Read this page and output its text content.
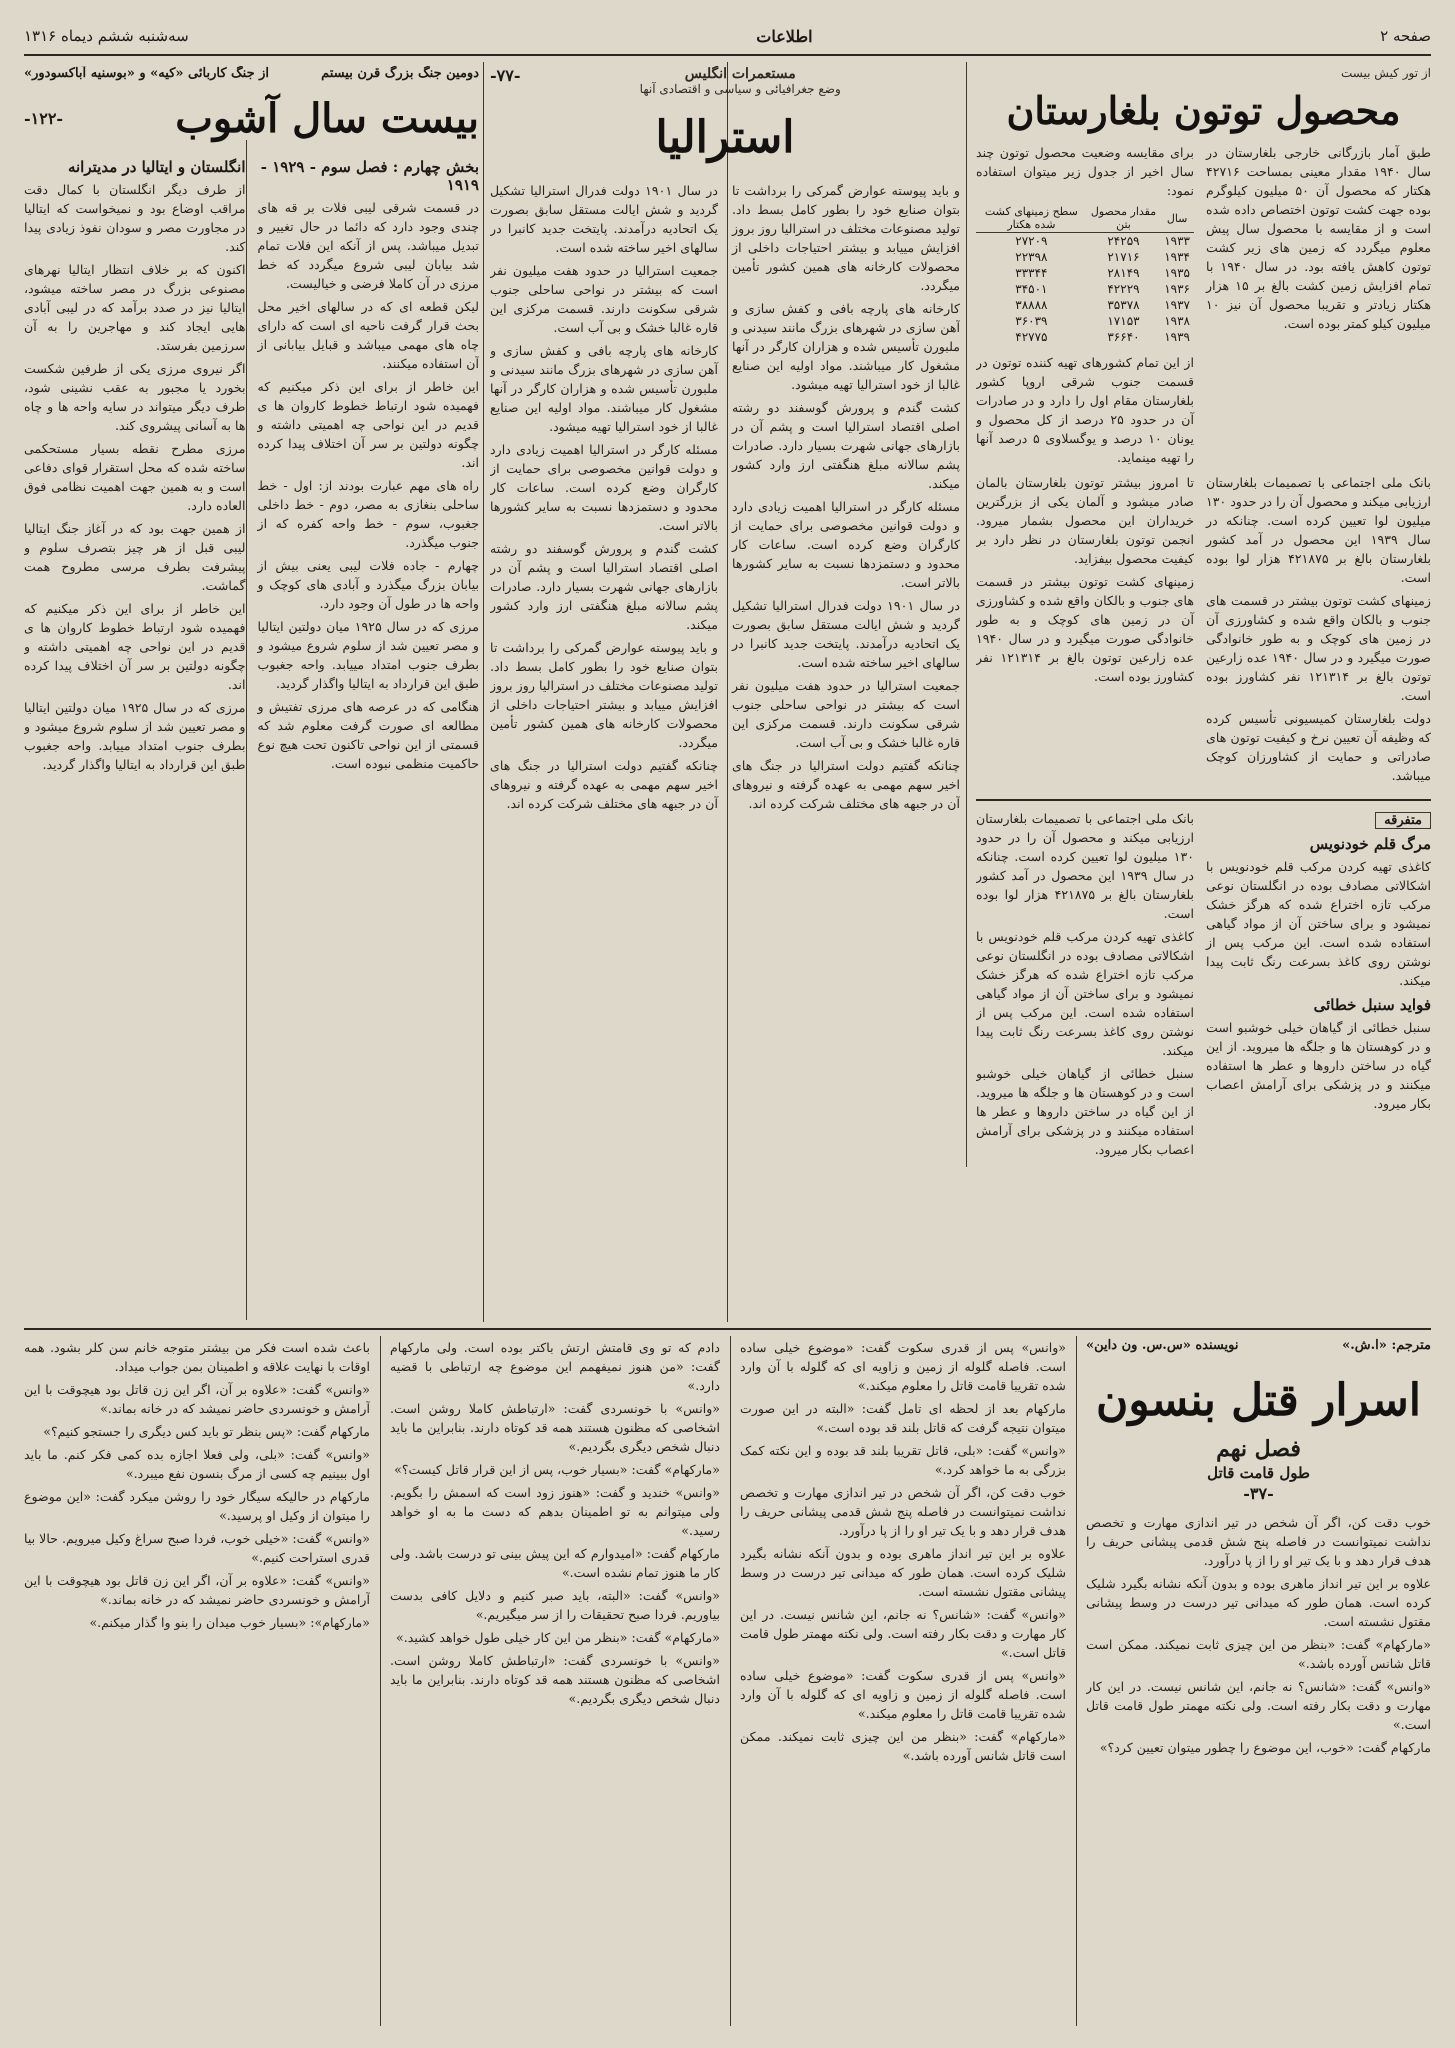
صفحه ۲
اطلاعات
سه‌شنبه ششم دیماه ۱۳۱۶
از تور کیش بیست
محصول توتون بلغارستان

طبق آمار بازرگانی خارجی بلغارستان در سال ۱۹۴۰ مقدار معینی بمساحت ۴۲۷۱۶ هکتار که محصول آن ۵۰ میلیون کیلوگرم بوده جهت کشت توتون اختصاص داده شده است و از مقایسه با محصول سال پیش معلوم میگردد که زمین های زیر کشت توتون کاهش یافته بود. در سال ۱۹۴۰ با تمام افزایش زمین کشت بالغ بر ۱۵ هزار هکتار زیادتر و تقریبا محصول آن نیز ۱۰ میلیون کیلو کمتر بوده است.

برای مقایسه وضعیت محصول توتون چند سال اخیر از جدول زیر میتوان استفاده نمود:

سال	مقدار محصول بتن	سطح زمینهای کشت شده هکتار
۱۹۳۳	۲۴۲۵۹	۲۷۲۰۹
۱۹۳۴	۲۱۷۱۶	۲۲۳۹۸
۱۹۳۵	۲۸۱۴۹	۳۳۳۴۴
۱۹۳۶	۴۲۲۲۹	۳۴۵۰۱
۱۹۳۷	۳۵۳۷۸	۳۸۸۸۸
۱۹۳۸	۱۷۱۵۳	۳۶۰۳۹
۱۹۳۹	۳۶۶۴۰	۴۲۷۷۵

از این تمام کشورهای تهیه کننده توتون در قسمت جنوب شرقی اروپا کشور بلغارستان مقام اول را دارد و در صادرات آن در حدود ۲۵ درصد از کل محصول و یونان ۱۰ درصد و یوگسلاوی ۵ درصد آنها را تهیه مینماید.

بانک ملی اجتماعی با تصمیمات بلغارستان ارزیابی میکند و محصول آن را در حدود ۱۳۰ میلیون لوا تعیین کرده است. چنانکه در سال ۱۹۳۹ این محصول در آمد کشور بلغارستان بالغ بر ۴۲۱۸۷۵ هزار لوا بوده است.

زمینهای کشت توتون بیشتر در قسمت های جنوب و بالکان واقع شده و کشاورزی آن در زمین های کوچک و به طور خانوادگی صورت میگیرد و در سال ۱۹۴۰ عده زارعین توتون بالغ بر ۱۲۱۳۱۴ نفر کشاورز بوده است.

دولت بلغارستان کمیسیونی تأسیس کرده که وظیفه آن تعیین نرخ و کیفیت توتون های صادراتی و حمایت از کشاورزان کوچک میباشد.

تا امروز بیشتر توتون بلغارستان بالمان صادر میشود و آلمان یکی از بزرگترین خریداران این محصول بشمار میرود. انجمن توتون بلغارستان در نظر دارد بر کیفیت محصول بیفزاید.

زمینهای کشت توتون بیشتر در قسمت های جنوب و بالکان واقع شده و کشاورزی آن در زمین های کوچک و به طور خانوادگی صورت میگیرد و در سال ۱۹۴۰ عده زارعین توتون بالغ بر ۱۲۱۳۱۴ نفر کشاورز بوده است.

متفرقه
مرگ قلم خودنویس

کاغذی تهیه کردن مرکب قلم خودنویس با اشکالاتی مصادف بوده در انگلستان نوعی مرکب تازه اختراع شده که هرگز خشک نمیشود و برای ساختن آن از مواد گیاهی استفاده شده است. این مرکب پس از نوشتن روی کاغذ بسرعت رنگ ثابت پیدا میکند.

فواید سنبل خطائی

سنبل خطائی از گیاهان خیلی خوشبو است و در کوهستان ها و جلگه ها میروید. از این گیاه در ساختن داروها و عطر ها استفاده میکنند و در پزشکی برای آرامش اعصاب بکار میرود.

بانک ملی اجتماعی با تصمیمات بلغارستان ارزیابی میکند و محصول آن را در حدود ۱۳۰ میلیون لوا تعیین کرده است. چنانکه در سال ۱۹۳۹ این محصول در آمد کشور بلغارستان بالغ بر ۴۲۱۸۷۵ هزار لوا بوده است.

کاغذی تهیه کردن مرکب قلم خودنویس با اشکالاتی مصادف بوده در انگلستان نوعی مرکب تازه اختراع شده که هرگز خشک نمیشود و برای ساختن آن از مواد گیاهی استفاده شده است. این مرکب پس از نوشتن روی کاغذ بسرعت رنگ ثابت پیدا میکند.

سنبل خطائی از گیاهان خیلی خوشبو است و در کوهستان ها و جلگه ها میروید. از این گیاه در ساختن داروها و عطر ها استفاده میکنند و در پزشکی برای آرامش اعصاب بکار میرود.

مستعمرات انگلیس
وضع جغرافیائی و سیاسی و اقتصادی آنها
-۷۷-
استرالیا

و باید پیوسته عوارض گمرکی را برداشت تا بتوان صنایع خود را بطور کامل بسط داد. تولید مصنوعات مختلف در استرالیا روز بروز افزایش مییابد و بیشتر احتیاجات داخلی از محصولات کارخانه های همین کشور تأمین میگردد.

کارخانه های پارچه بافی و کفش سازی و آهن سازی در شهرهای بزرگ مانند سیدنی و ملبورن تأسیس شده و هزاران کارگر در آنها مشغول کار میباشند. مواد اولیه این صنایع غالبا از خود استرالیا تهیه میشود.

کشت گندم و پرورش گوسفند دو رشته اصلی اقتصاد استرالیا است و پشم آن در بازارهای جهانی شهرت بسیار دارد. صادرات پشم سالانه مبلغ هنگفتی ارز وارد کشور میکند.

مسئله کارگر در استرالیا اهمیت زیادی دارد و دولت قوانین مخصوصی برای حمایت از کارگران وضع کرده است. ساعات کار محدود و دستمزدها نسبت به سایر کشورها بالاتر است.

در سال ۱۹۰۱ دولت فدرال استرالیا تشکیل گردید و شش ایالت مستقل سابق بصورت یک اتحادیه درآمدند. پایتخت جدید کانبرا در سالهای اخیر ساخته شده است.

جمعیت استرالیا در حدود هفت میلیون نفر است که بیشتر در نواحی ساحلی جنوب شرقی سکونت دارند. قسمت مرکزی این قاره غالبا خشک و بی آب است.

چنانکه گفتیم دولت استرالیا در جنگ های اخیر سهم مهمی به عهده گرفته و نیروهای آن در جبهه های مختلف شرکت کرده اند.

در سال ۱۹۰۱ دولت فدرال استرالیا تشکیل گردید و شش ایالت مستقل سابق بصورت یک اتحادیه درآمدند. پایتخت جدید کانبرا در سالهای اخیر ساخته شده است.

جمعیت استرالیا در حدود هفت میلیون نفر است که بیشتر در نواحی ساحلی جنوب شرقی سکونت دارند. قسمت مرکزی این قاره غالبا خشک و بی آب است.

کارخانه های پارچه بافی و کفش سازی و آهن سازی در شهرهای بزرگ مانند سیدنی و ملبورن تأسیس شده و هزاران کارگر در آنها مشغول کار میباشند. مواد اولیه این صنایع غالبا از خود استرالیا تهیه میشود.

مسئله کارگر در استرالیا اهمیت زیادی دارد و دولت قوانین مخصوصی برای حمایت از کارگران وضع کرده است. ساعات کار محدود و دستمزدها نسبت به سایر کشورها بالاتر است.

کشت گندم و پرورش گوسفند دو رشته اصلی اقتصاد استرالیا است و پشم آن در بازارهای جهانی شهرت بسیار دارد. صادرات پشم سالانه مبلغ هنگفتی ارز وارد کشور میکند.

و باید پیوسته عوارض گمرکی را برداشت تا بتوان صنایع خود را بطور کامل بسط داد. تولید مصنوعات مختلف در استرالیا روز بروز افزایش مییابد و بیشتر احتیاجات داخلی از محصولات کارخانه های همین کشور تأمین میگردد.

چنانکه گفتیم دولت استرالیا در جنگ های اخیر سهم مهمی به عهده گرفته و نیروهای آن در جبهه های مختلف شرکت کرده اند.

دومین جنگ بزرگ قرن بیستم
از جنگ کاربائی «کیه» و «بوسنیه آباکسودور»
بیست سال آشوب
-۱۲۲-
بخش چهارم : فصل سوم - ۱۹۲۹ - ۱۹۱۹

در قسمت شرقی لیبی فلات بر قه های چندی وجود دارد که دائما در حال تغییر و تبدیل میباشد. پس از آنکه این فلات تمام شد بیابان لیبی شروع میگردد که خط مرزی در آن کاملا فرضی و خیالیست.

لیکن قطعه ای که در سالهای اخیر محل بحث قرار گرفت ناحیه ای است که دارای چاه های مهمی میباشد و قبایل بیابانی از آن استفاده میکنند.

این خاطر از برای این ذکر میکنیم که فهمیده شود ارتباط خطوط کاروان ها ی قدیم در این نواحی چه اهمیتی داشته و چگونه دولتین بر سر آن اختلاف پیدا کرده اند.

راه های مهم عبارت بودند از: اول - خط ساحلی بنغازی به مصر، دوم - خط داخلی جغبوب، سوم - خط واحه کفره که از جنوب میگذرد.

چهارم - جاده فلات لیبی یعنی بیش از بیابان بزرگ میگذرد و آبادی های کوچک و واحه ها در طول آن وجود دارد.

مرزی که در سال ۱۹۲۵ میان دولتین ایتالیا و مصر تعیین شد از سلوم شروع میشود و بطرف جنوب امتداد مییابد. واحه جغبوب طبق این قرارداد به ایتالیا واگذار گردید.

هنگامی که در عرصه های مرزی تفتیش و مطالعه ای صورت گرفت معلوم شد که قسمتی از این نواحی تاکنون تحت هیچ نوع حاکمیت منظمی نبوده است.

انگلستان و ایتالیا در مدیترانه

از طرف دیگر انگلستان با کمال دقت مراقب اوضاع بود و نمیخواست که ایتالیا در مجاورت مصر و سودان نفوذ زیادی پیدا کند.

اکنون که بر خلاف انتظار ایتالیا نهرهای مصنوعی بزرگ در مصر ساخته میشود، ایتالیا نیز در صدد برآمد که در لیبی آبادی هایی ایجاد کند و مهاجرین را به آن سرزمین بفرستد.

اگر نیروی مرزی یکی از طرفین شکست بخورد یا مجبور به عقب نشینی شود، طرف دیگر میتواند در سایه واحه ها و چاه ها به آسانی پیشروی کند.

مرزی مطرح نقطه بسیار مستحکمی ساخته شده که محل استقرار قوای دفاعی است و به همین جهت اهمیت نظامی فوق العاده دارد.

از همین جهت بود که در آغاز جنگ ایتالیا لیبی قبل از هر چیز بتصرف سلوم و پیشرفت بطرف مرسی مطروح همت گماشت.

این خاطر از برای این ذکر میکنیم که فهمیده شود ارتباط خطوط کاروان ها ی قدیم در این نواحی چه اهمیتی داشته و چگونه دولتین بر سر آن اختلاف پیدا کرده اند.

مرزی که در سال ۱۹۲۵ میان دولتین ایتالیا و مصر تعیین شد از سلوم شروع میشود و بطرف جنوب امتداد مییابد. واحه جغبوب طبق این قرارداد به ایتالیا واگذار گردید.

مترجم: «ا.ش.»
نویسنده «س.س. ون داین»
اسرار قتل بنسون
فصل نهم
طول قامت قاتل
-۳۷-

خوب دقت کن، اگر آن شخص در تیر اندازی مهارت و تخصص نداشت نمیتوانست در فاصله پنج شش قدمی پیشانی حریف را هدف قرار دهد و با یک تیر او را از پا درآورد.

علاوه بر این تیر انداز ماهری بوده و بدون آنکه نشانه بگیرد شلیک کرده است. همان طور که میدانی تیر درست در وسط پیشانی مقتول نشسته است.

«مارکهام» گفت: «بنظر من این چیزی ثابت نمیکند. ممکن است قاتل شانس آورده باشد.»

«وانس» گفت: «شانس؟ نه جانم، این شانس نیست. در این کار مهارت و دقت بکار رفته است. ولی نکته مهمتر طول قامت قاتل است.»

مارکهام گفت: «خوب، این موضوع را چطور میتوان تعیین کرد؟»

«وانس» پس از قدری سکوت گفت: «موضوع خیلی ساده است. فاصله گلوله از زمین و زاویه ای که گلوله با آن وارد شده تقریبا قامت قاتل را معلوم میکند.»

مارکهام بعد از لحظه ای تامل گفت: «البته در این صورت میتوان نتیجه گرفت که قاتل بلند قد بوده است.»

«وانس» گفت: «بلی، قاتل تقریبا بلند قد بوده و این نکته کمک بزرگی به ما خواهد کرد.»

خوب دقت کن، اگر آن شخص در تیر اندازی مهارت و تخصص نداشت نمیتوانست در فاصله پنج شش قدمی پیشانی حریف را هدف قرار دهد و با یک تیر او را از پا درآورد.

علاوه بر این تیر انداز ماهری بوده و بدون آنکه نشانه بگیرد شلیک کرده است. همان طور که میدانی تیر درست در وسط پیشانی مقتول نشسته است.

«وانس» گفت: «شانس؟ نه جانم، این شانس نیست. در این کار مهارت و دقت بکار رفته است. ولی نکته مهمتر طول قامت قاتل است.»

«وانس» پس از قدری سکوت گفت: «موضوع خیلی ساده است. فاصله گلوله از زمین و زاویه ای که گلوله با آن وارد شده تقریبا قامت قاتل را معلوم میکند.»

«مارکهام» گفت: «بنظر من این چیزی ثابت نمیکند. ممکن است قاتل شانس آورده باشد.»

دادم که تو وی قامتش ارتش باکتر بوده است. ولی مارکهام گفت: «من هنوز نمیفهمم این موضوع چه ارتباطی با قضیه دارد.»

«وانس» با خونسردی گفت: «ارتباطش کاملا روشن است. اشخاصی که مظنون هستند همه قد کوتاه دارند. بنابراین ما باید دنبال شخص دیگری بگردیم.»

«مارکهام» گفت: «بسیار خوب، پس از این قرار قاتل کیست؟»

«وانس» خندید و گفت: «هنوز زود است که اسمش را بگویم. ولی میتوانم به تو اطمینان بدهم که دست ما به او خواهد رسید.»

مارکهام گفت: «امیدوارم که این پیش بینی تو درست باشد. ولی کار ما هنوز تمام نشده است.»

«وانس» گفت: «البته، باید صبر کنیم و دلایل کافی بدست بیاوریم. فردا صبح تحقیقات را از سر میگیریم.»

«مارکهام» گفت: «بنظر من این کار خیلی طول خواهد کشید.»

«وانس» با خونسردی گفت: «ارتباطش کاملا روشن است. اشخاصی که مظنون هستند همه قد کوتاه دارند. بنابراین ما باید دنبال شخص دیگری بگردیم.»

باعث شده است فکر من بیشتر متوجه خانم سن کلر بشود. همه اوقات با نهایت علاقه و اطمینان بمن جواب میداد.

«وانس» گفت: «علاوه بر آن، اگر این زن قاتل بود هیچوقت با این آرامش و خونسردی حاضر نمیشد که در خانه بماند.»

مارکهام گفت: «پس بنظر تو باید کس دیگری را جستجو کنیم؟»

«وانس» گفت: «بلی، ولی فعلا اجازه بده کمی فکر کنم. ما باید اول ببینیم چه کسی از مرگ بنسون نفع میبرد.»

مارکهام در حالیکه سیگار خود را روشن میکرد گفت: «این موضوع را میتوان از وکیل او پرسید.»

«وانس» گفت: «خیلی خوب، فردا صبح سراغ وکیل میرویم. حالا بیا قدری استراحت کنیم.»

«وانس» گفت: «علاوه بر آن، اگر این زن قاتل بود هیچوقت با این آرامش و خونسردی حاضر نمیشد که در خانه بماند.»

«مارکهام»: «بسیار خوب میدان را بنو وا گذار میکنم.»
